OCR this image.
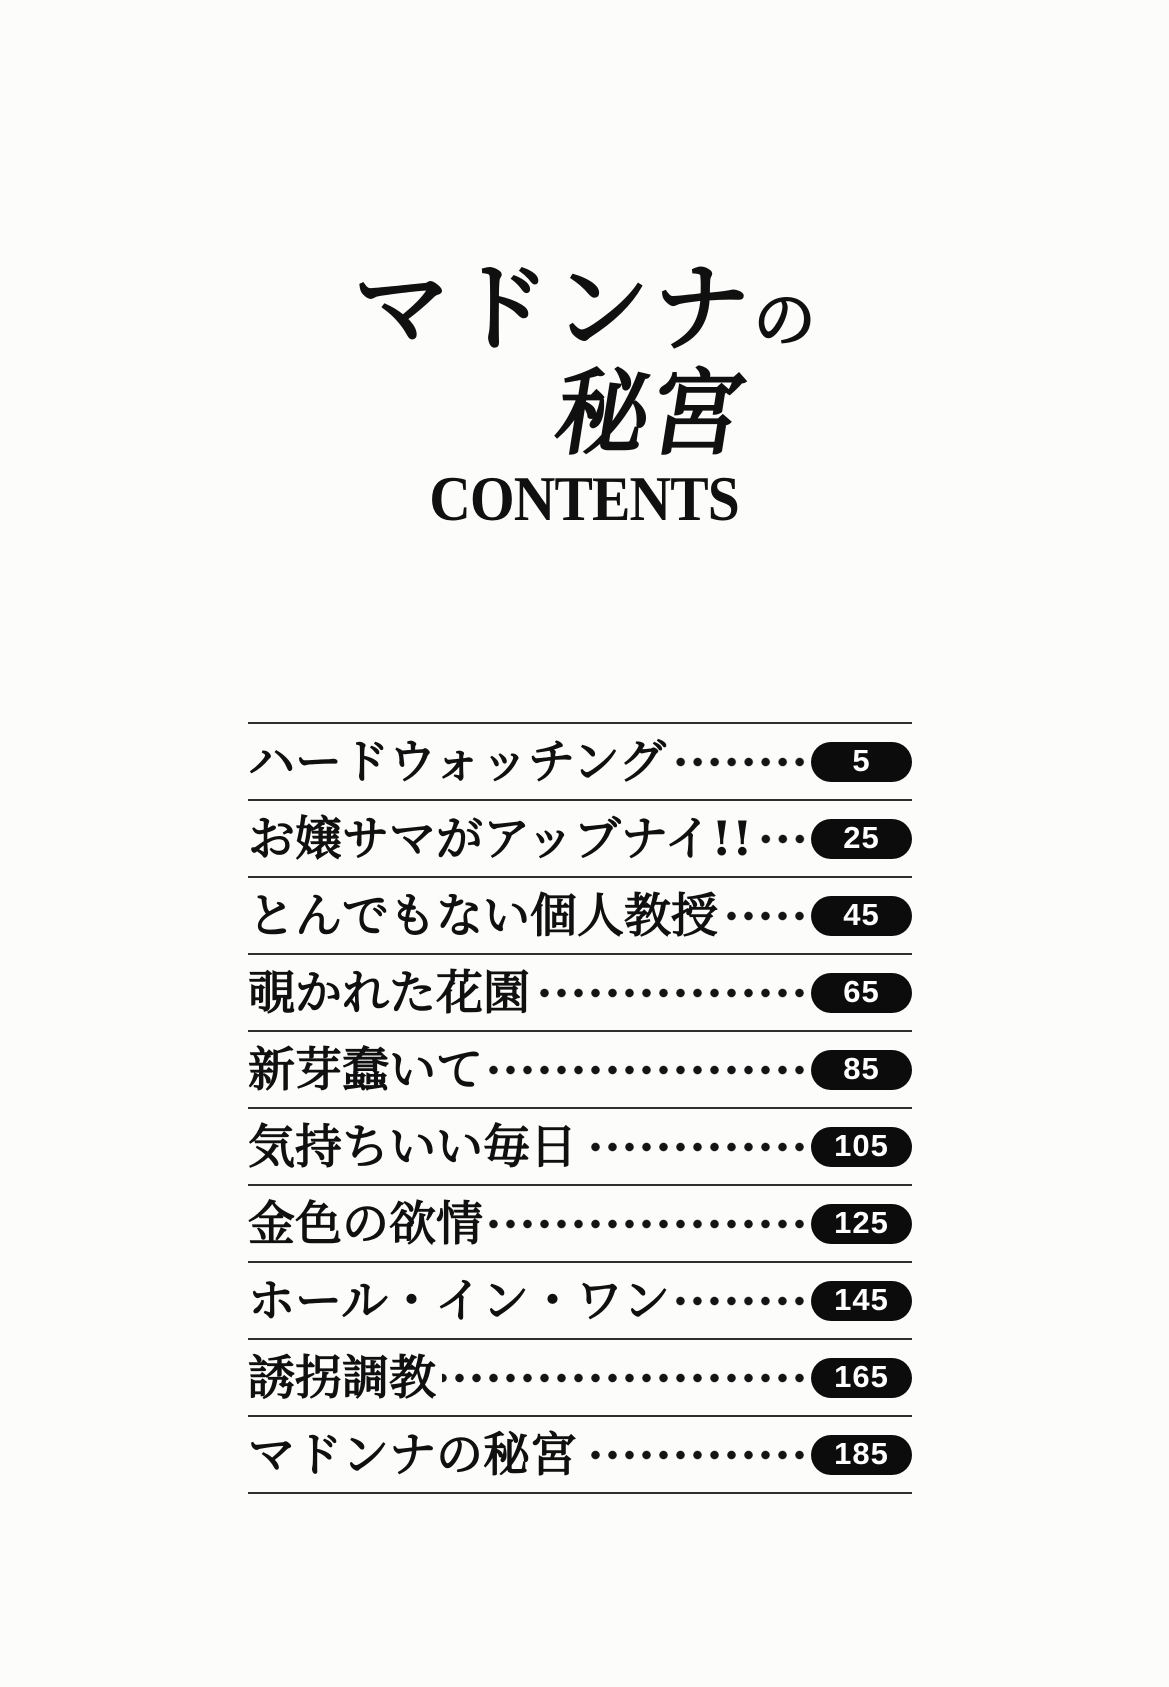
マドンナの
秘宮
CONTENTS
ハードウォッチング	5
お嬢サマがアッブナイ!!	25
とんでもない個人教授	45
覗かれた花園	65
新芽蠢いて	85
気持ちいい毎日	105
金色の欲情	125
ホール・イン・ワン	145
誘拐調教	165
マドンナの秘宮	185
